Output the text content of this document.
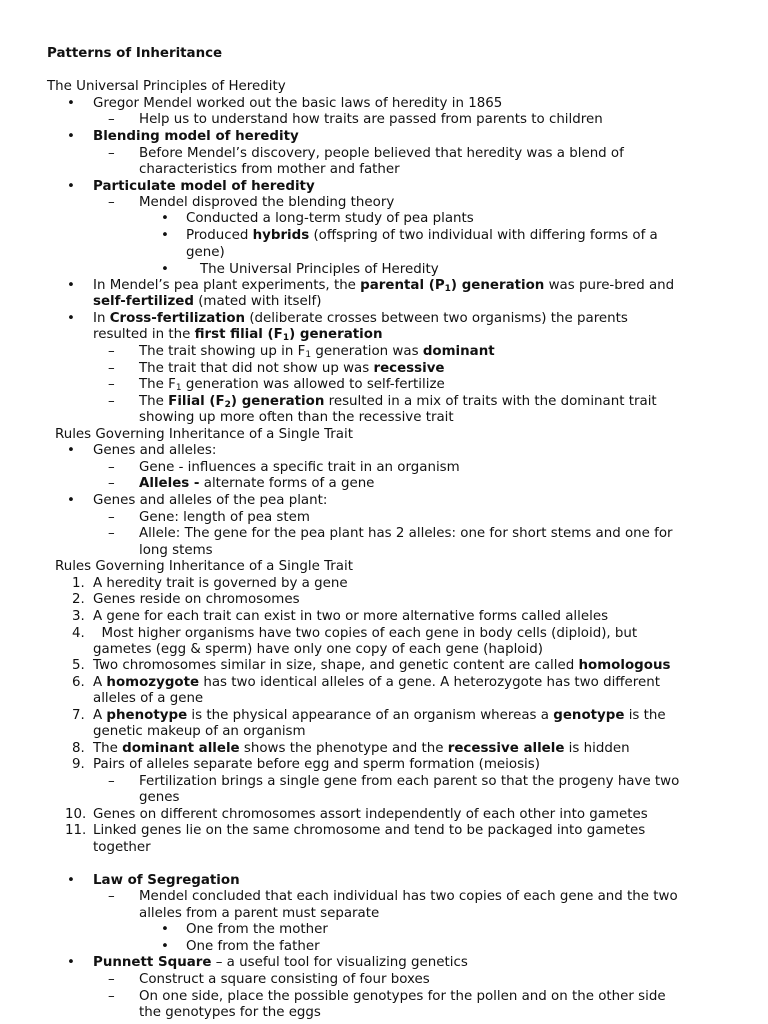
Patterns of Inheritance
The Universal Principles of Heredity
• Gregor Mendel worked out the basic laws of heredity in 1865
– Help us to understand how traits are passed from parents to children
• Blending model of heredity
– Before Mendel’s discovery, people believed that heredity was a blend of
characteristics from mother and father
• Particulate model of heredity
– Mendel disproved the blending theory
• Conducted a long-term study of pea plants
• Produced hybrids (offspring of two individual with differing forms of a
gene)
• The Universal Principles of Heredity
• In Mendel’s pea plant experiments, the parental $(P_1)$ generation was pure-bred and
self-fertilized (mated with itself)
• In Cross-fertilization (deliberate crosses between two organisms) the parents
resulted in the first filial $(F_1)$ generation
– The trait showing up in $F_1$ generation was dominant
– The trait that did not show up was recessive
– The $F_1$ generation was allowed to self-fertilize
– The Filial $(F_2)$ generation resulted in a mix of traits with the dominant trait
showing up more often than the recessive trait
Rules Governing Inheritance of a Single Trait
• Genes and alleles:
– Gene - influences a specific trait in an organism
– Alleles - alternate forms of a gene
• Genes and alleles of the pea plant:
– Gene: length of pea stem
– Allele: The gene for the pea plant has 2 alleles: one for short stems and one for
long stems
Rules Governing Inheritance of a Single Trait
1. A heredity trait is governed by a gene
2. Genes reside on chromosomes
3. A gene for each trait can exist in two or more alternative forms called alleles
4. Most higher organisms have two copies of each gene in body cells (diploid), but
gametes (egg & sperm) have only one copy of each gene (haploid)
5. Two chromosomes similar in size, shape, and genetic content are called homologous
6. A homozygote has two identical alleles of a gene. A heterozygote has two different
alleles of a gene
7. A phenotype is the physical appearance of an organism whereas a genotype is the
genetic makeup of an organism
8. The dominant allele shows the phenotype and the recessive allele is hidden
9. Pairs of alleles separate before egg and sperm formation (meiosis)
– Fertilization brings a single gene from each parent so that the progeny have two
genes
10. Genes on different chromosomes assort independently of each other into gametes
11. Linked genes lie on the same chromosome and tend to be packaged into gametes
together
• Law of Segregation
– Mendel concluded that each individual has two copies of each gene and the two
alleles from a parent must separate
• One from the mother
• One from the father
• Punnett Square – a useful tool for visualizing genetics
– Construct a square consisting of four boxes
– On one side, place the possible genotypes for the pollen and on the other side
the genotypes for the eggs
